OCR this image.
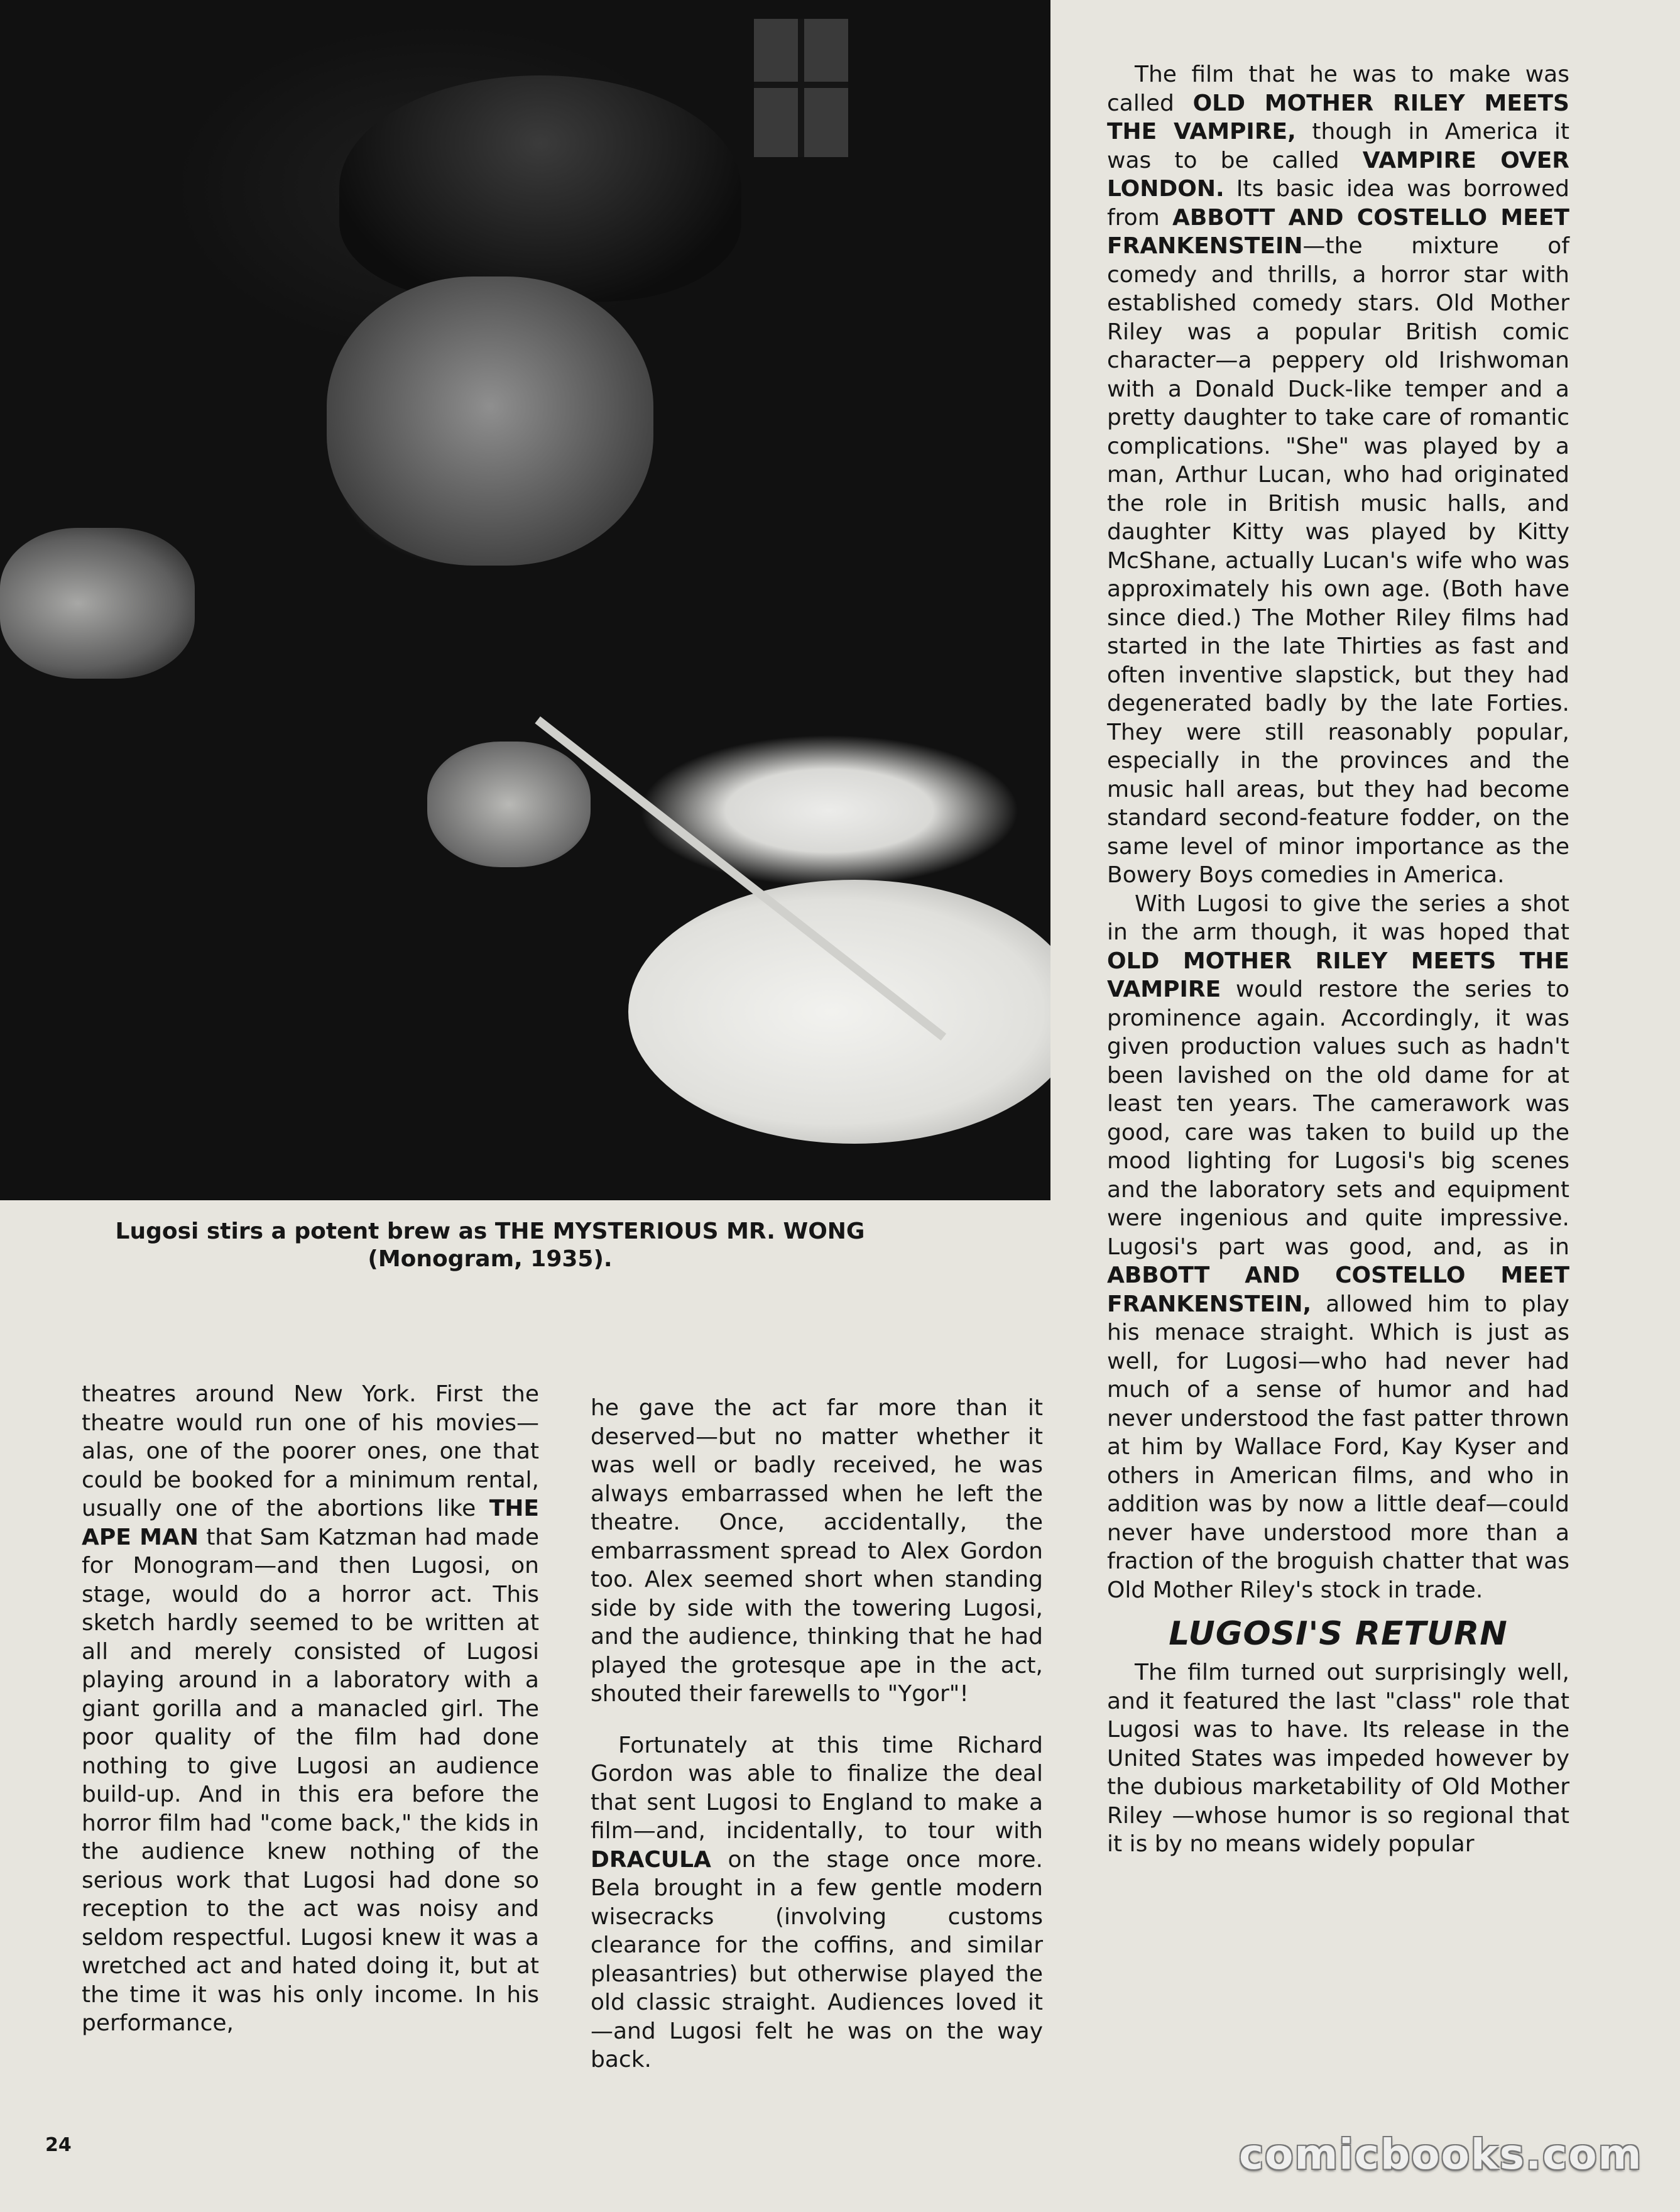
Lugosi stirs a potent brew as THE MYSTERIOUS MR. WONG
(Monogram, 1935).

theatres around New York. First the theatre would run one of his movies—alas, one of the poorer ones, one that could be booked for a minimum rental, usually one of the abortions like THE APE MAN that Sam Katzman had made for Monogram—and then Lugosi, on stage, would do a horror act. This sketch hardly seemed to be written at all and merely consisted of Lugosi playing around in a laboratory with a giant gorilla and a manacled girl. The poor quality of the film had done nothing to give Lugosi an audience build-up. And in this era before the horror film had "come back," the kids in the audience knew nothing of the serious work that Lugosi had done so reception to the act was noisy and seldom respectful. Lugosi knew it was a wretched act and hated doing it, but at the time it was his only income. In his performance,

he gave the act far more than it deserved—but no matter whether it was well or badly received, he was always embarrassed when he left the theatre. Once, accidentally, the embarrassment spread to Alex Gordon too. Alex seemed short when standing side by side with the towering Lugosi, and the audience, thinking that he had played the grotesque ape in the act, shouted their farewells to "Ygor"!

Fortunately at this time Richard Gordon was able to finalize the deal that sent Lugosi to England to make a film—and, incidentally, to tour with DRACULA on the stage once more. Bela brought in a few gentle modern wisecracks (involving customs clearance for the coffins, and similar pleasantries) but otherwise played the old classic straight. Audiences loved it—and Lugosi felt he was on the way back.

The film that he was to make was called OLD MOTHER RILEY MEETS THE VAMPIRE, though in America it was to be called VAMPIRE OVER LONDON. Its basic idea was borrowed from ABBOTT AND COSTELLO MEET FRANKENSTEIN—the mixture of comedy and thrills, a horror star with established comedy stars. Old Mother Riley was a popular British comic character—a peppery old Irishwoman with a Donald Duck-like temper and a pretty daughter to take care of romantic complications. "She" was played by a man, Arthur Lucan, who had originated the role in British music halls, and daughter Kitty was played by Kitty McShane, actually Lucan's wife who was approximately his own age. (Both have since died.) The Mother Riley films had started in the late Thirties as fast and often inventive slapstick, but they had degenerated badly by the late Forties. They were still reasonably popular, especially in the provinces and the music hall areas, but they had become standard second-feature fodder, on the same level of minor importance as the Bowery Boys comedies in America.

With Lugosi to give the series a shot in the arm though, it was hoped that OLD MOTHER RILEY MEETS THE VAMPIRE would restore the series to prominence again. Accordingly, it was given production values such as hadn't been lavished on the old dame for at least ten years. The camerawork was good, care was taken to build up the mood lighting for Lugosi's big scenes and the laboratory sets and equipment were ingenious and quite impressive. Lugosi's part was good, and, as in ABBOTT AND COSTELLO MEET FRANKENSTEIN, allowed him to play his menace straight. Which is just as well, for Lugosi—who had never had much of a sense of humor and had never understood the fast patter thrown at him by Wallace Ford, Kay Kyser and others in American films, and who in addition was by now a little deaf—could never have understood more than a fraction of the broguish chatter that was Old Mother Riley's stock in trade.

LUGOSI'S RETURN

The film turned out surprisingly well, and it featured the last "class" role that Lugosi was to have. Its release in the United States was impeded however by the dubious marketability of Old Mother Riley —whose humor is so regional that it is by no means widely popular

24	comicbooks.com
